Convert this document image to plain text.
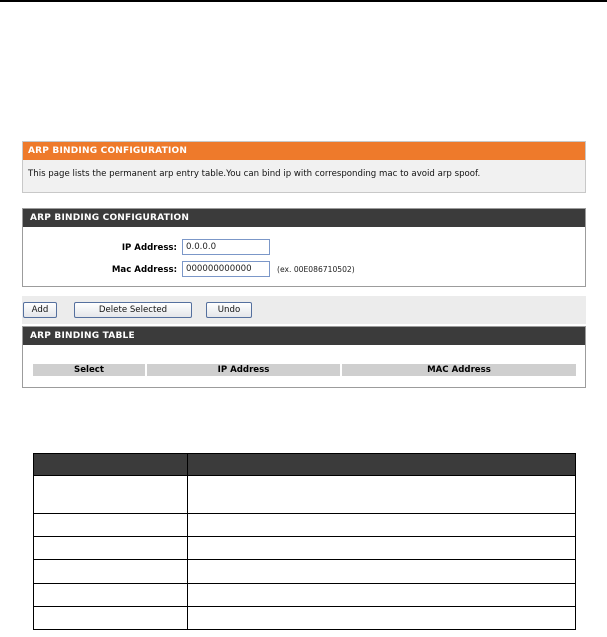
ARP BINDING CONFIGURATION
This page lists the permanent arp entry table.You can bind ip with corresponding mac to avoid arp spoof.
ARP BINDING CONFIGURATION
IP Address:
0.0.0.0
Mac Address:
000000000000	(ex. 00E086710502)
Add	Delete Selected	Undo
ARP BINDING TABLE
Select	IP Address	MAC Address
